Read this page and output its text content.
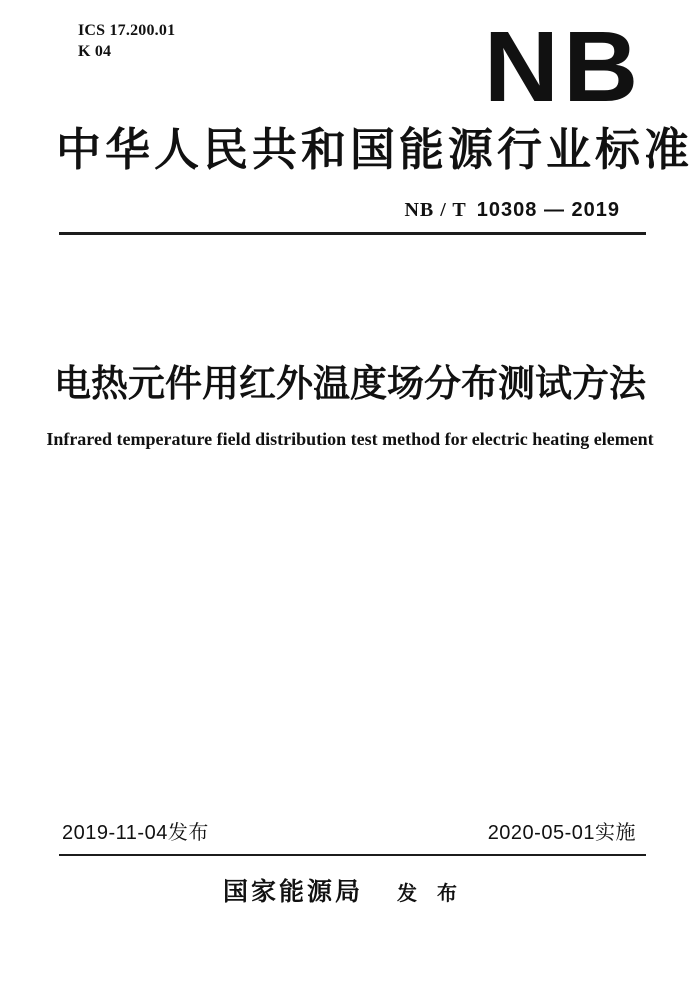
ICS 17.200.01
K 04	NB
中华人民共和国能源行业标准
NB / T 10308 — 2019
电热元件用红外温度场分布测试方法
Infrared temperature field distribution test method for electric heating element
2019-11-04发布	2020-05-01实施
国家能源局 发布
